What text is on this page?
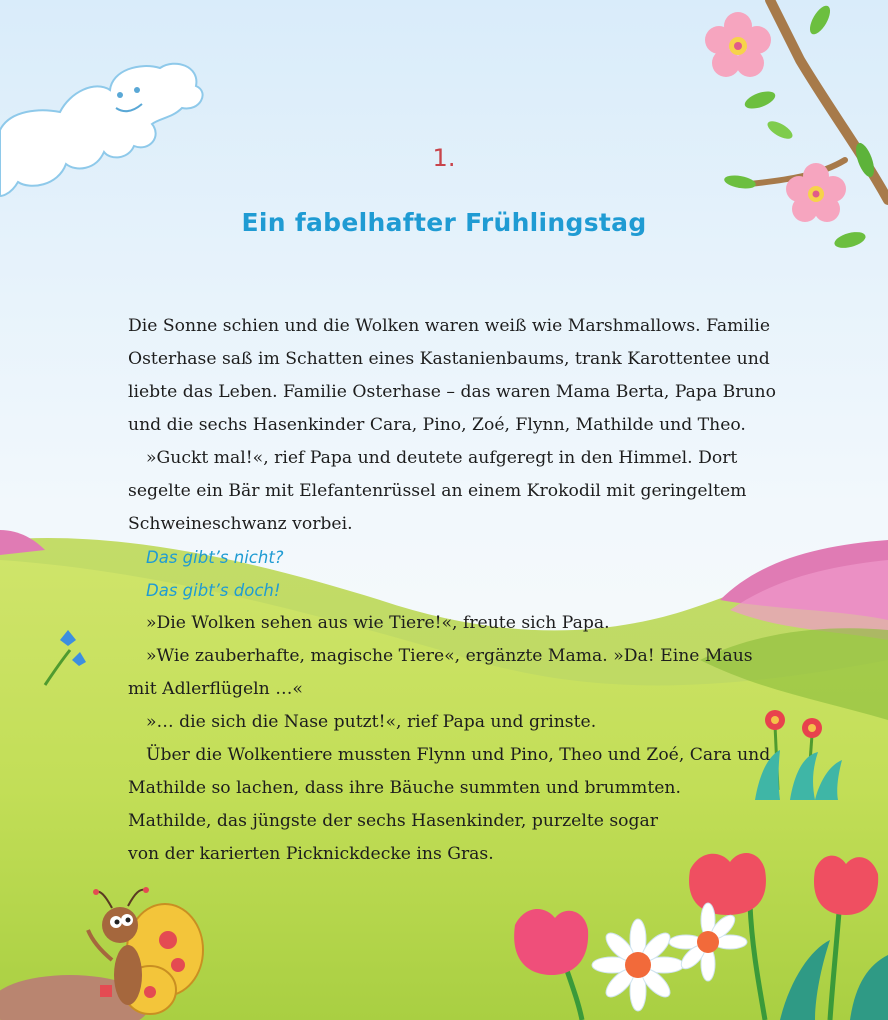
1.
Ein fabelhafter Frühlingstag
Die Sonne schien und die Wolken waren weiß wie Marshmallows. Familie
Osterhase saß im Schatten eines Kastanienbaums, trank Karottentee und
liebte das Leben. Familie Osterhase – das waren Mama Berta, Papa Bruno
und die sechs Hasenkinder Cara, Pino, Zoé, Flynn, Mathilde und Theo.
»Guckt mal!«, rief Papa und deutete aufgeregt in den Himmel. Dort
segelte ein Bär mit Elefantenrüssel an einem Krokodil mit geringeltem
Schweineschwanz vorbei.
Das gibt’s nicht?
Das gibt’s doch!
»Die Wolken sehen aus wie Tiere!«, freute sich Papa.
»Wie zauberhafte, magische Tiere«, ergänzte Mama. »Da! Eine Maus
mit Adlerflügeln …«
»… die sich die Nase putzt!«, rief Papa und grinste.
Über die Wolkentiere mussten Flynn und Pino, Theo und Zoé, Cara und
Mathilde so lachen, dass ihre Bäuche summten und brummten.
Mathilde, das jüngste der sechs Hasenkinder, purzelte sogar
von der karierten Picknickdecke ins Gras.
